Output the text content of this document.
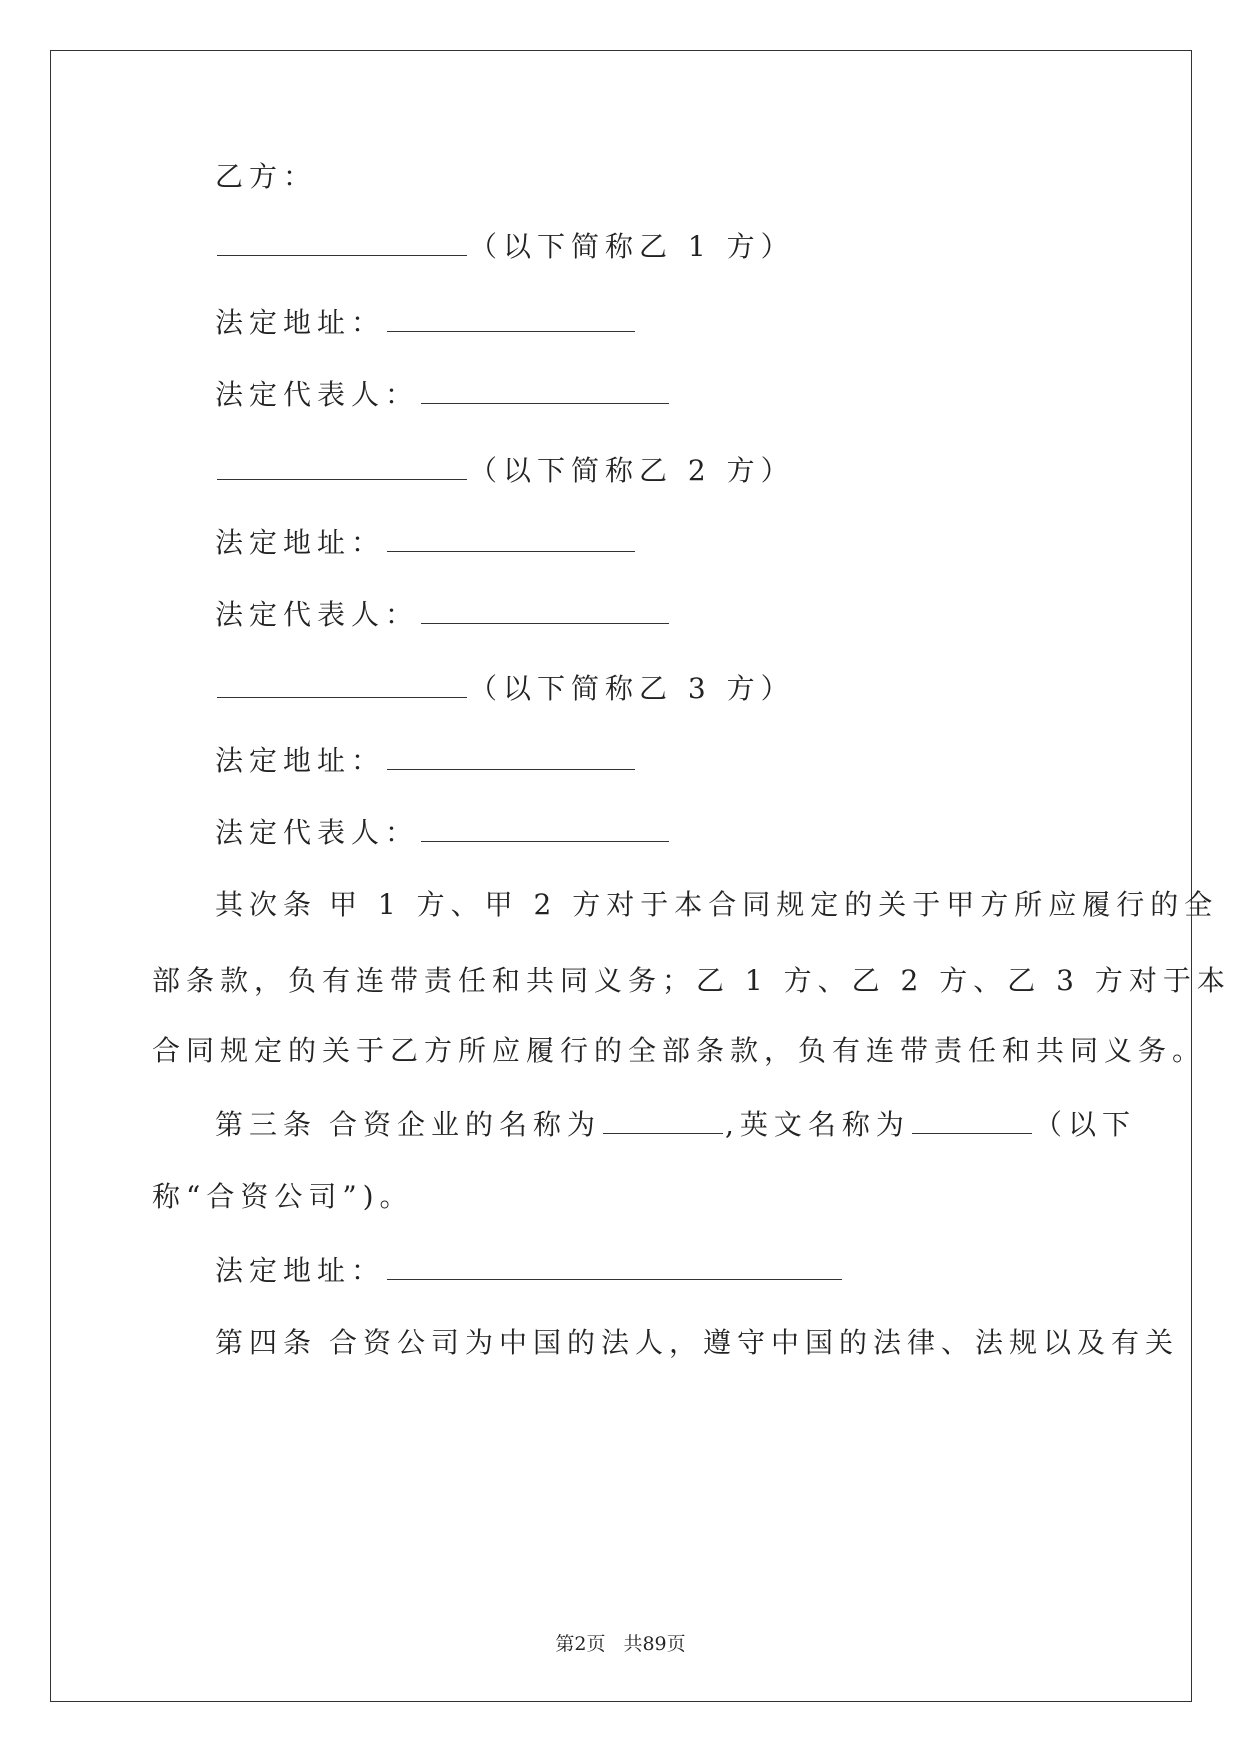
乙方：
（以下简称乙 1 方）
法定地址：
法定代表人：
（以下简称乙 2 方）
法定地址：
法定代表人：
（以下简称乙 3 方）
法定地址：
法定代表人：
其次条 甲 1 方、甲 2 方对于本合同规定的关于甲方所应履行的全
部条款，负有连带责任和共同义务；乙 1 方、乙 2 方、乙 3 方对于本
合同规定的关于乙方所应履行的全部条款，负有连带责任和共同义务。
第三条 合资企业的名称为	,英文名称为	（以下
称“合资公司”)。
法定地址：
第四条 合资公司为中国的法人，遵守中国的法律、法规以及有关
第2页 共89页
